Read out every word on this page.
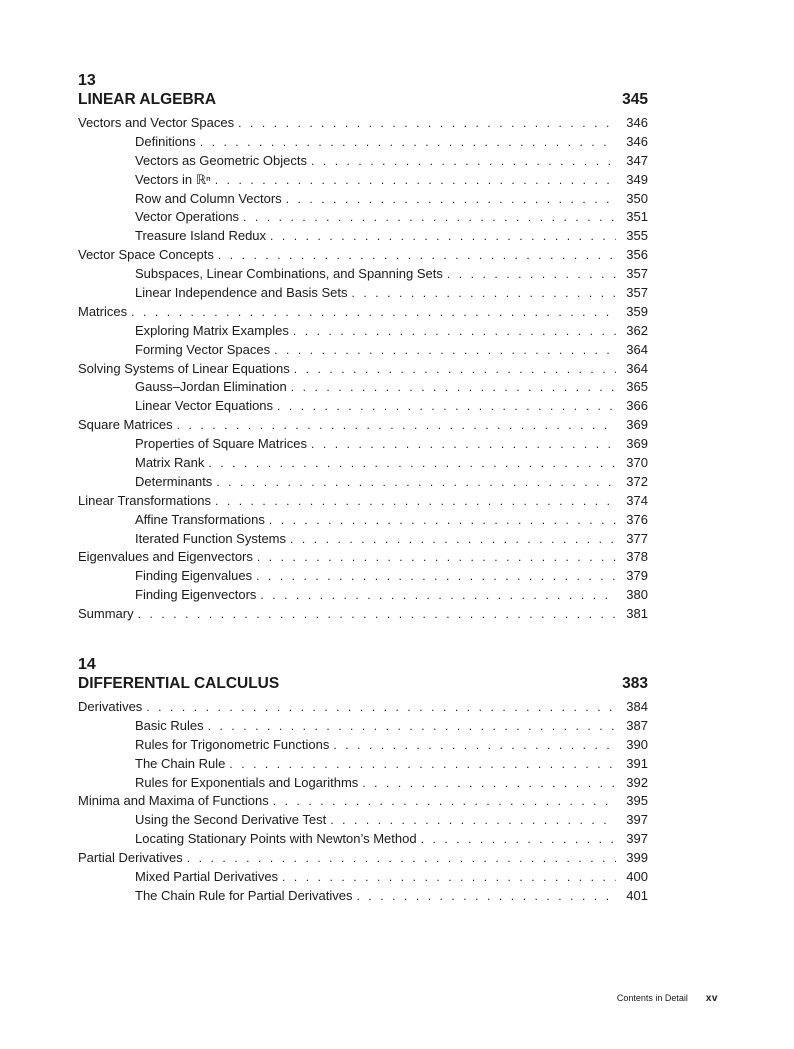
13
LINEAR ALGEBRA	345
Vectors and Vector Spaces . . .	346
Definitions . . .	346
Vectors as Geometric Objects . . .	347
Vectors in ℝⁿ . . .	349
Row and Column Vectors . . .	350
Vector Operations . . .	351
Treasure Island Redux . . .	355
Vector Space Concepts . . .	356
Subspaces, Linear Combinations, and Spanning Sets . . .	357
Linear Independence and Basis Sets . . .	357
Matrices . . .	359
Exploring Matrix Examples . . .	362
Forming Vector Spaces . . .	364
Solving Systems of Linear Equations . . .	364
Gauss–Jordan Elimination . . .	365
Linear Vector Equations . . .	366
Square Matrices . . .	369
Properties of Square Matrices . . .	369
Matrix Rank . . .	370
Determinants . . .	372
Linear Transformations . . .	374
Affine Transformations . . .	376
Iterated Function Systems . . .	377
Eigenvalues and Eigenvectors . . .	378
Finding Eigenvalues . . .	379
Finding Eigenvectors . . .	380
Summary . . .	381
14
DIFFERENTIAL CALCULUS	383
Derivatives . . .	384
Basic Rules . . .	387
Rules for Trigonometric Functions . . .	390
The Chain Rule . . .	391
Rules for Exponentials and Logarithms . . .	392
Minima and Maxima of Functions . . .	395
Using the Second Derivative Test . . .	397
Locating Stationary Points with Newton’s Method . . .	397
Partial Derivatives . . .	399
Mixed Partial Derivatives . . .	400
The Chain Rule for Partial Derivatives . . .	401
Contents in Detail xv
